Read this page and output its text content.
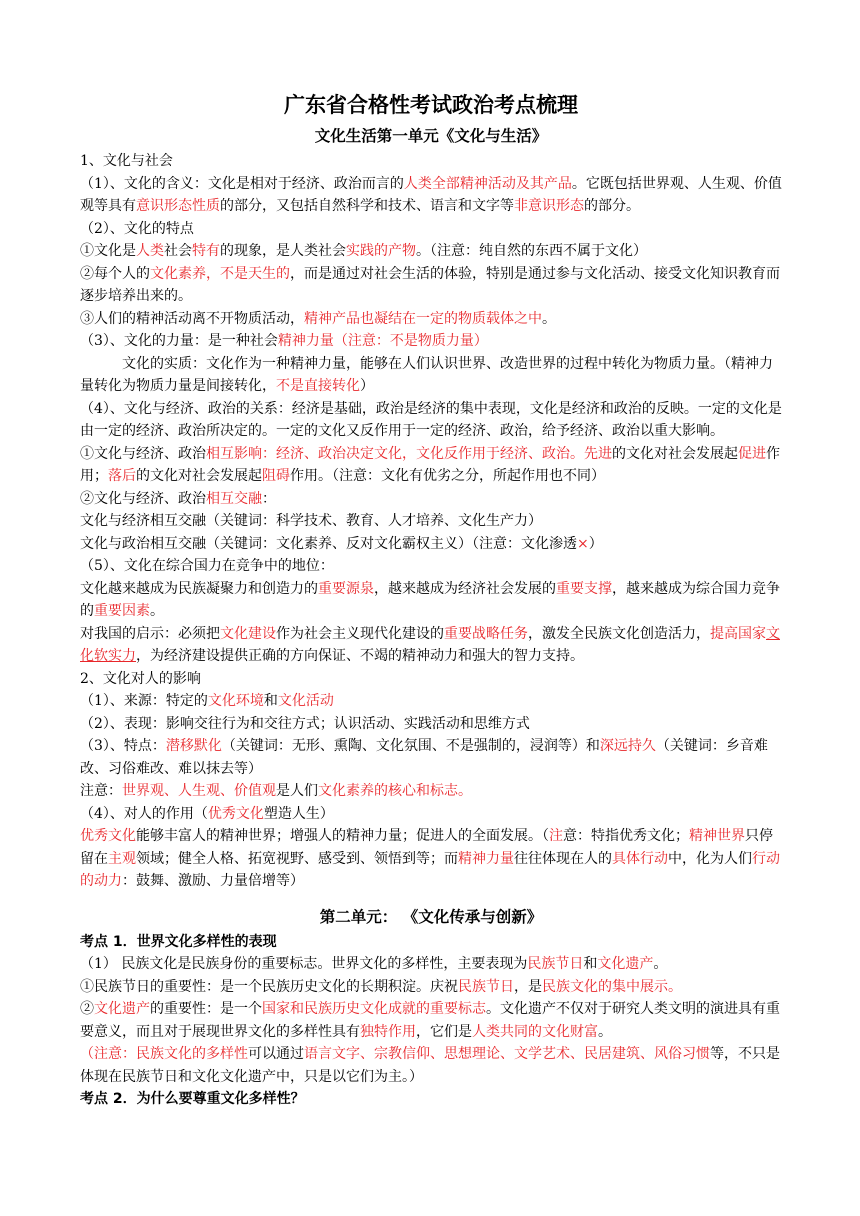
广东省合格性考试政治考点梳理
文化生活第一单元《文化与生活》

1、文化与社会

（1）、文化的含义：文化是相对于经济、政治而言的人类全部精神活动及其产品。它既包括世界观、人生观、价值观等具有意识形态性质的部分，又包括自然科学和技术、语言和文字等非意识形态的部分。

（2）、文化的特点

①文化是人类社会特有的现象，是人类社会实践的产物。（注意：纯自然的东西不属于文化）

②每个人的文化素养，不是天生的，而是通过对社会生活的体验，特别是通过参与文化活动、接受文化知识教育而逐步培养出来的。

③人们的精神活动离不开物质活动，精神产品也凝结在一定的物质载体之中。

（3）、文化的力量：是一种社会精神力量（注意：不是物质力量）

文化的实质：文化作为一种精神力量，能够在人们认识世界、改造世界的过程中转化为物质力量。（精神力量转化为物质力量是间接转化，不是直接转化）

（4）、文化与经济、政治的关系：经济是基础，政治是经济的集中表现，文化是经济和政治的反映。一定的文化是由一定的经济、政治所决定的。一定的文化又反作用于一定的经济、政治，给予经济、政治以重大影响。

①文化与经济、政治相互影响：经济、政治决定文化，文化反作用于经济、政治。先进的文化对社会发展起促进作用；落后的文化对社会发展起阻碍作用。（注意：文化有优劣之分，所起作用也不同）

②文化与经济、政治相互交融：

文化与经济相互交融（关键词：科学技术、教育、人才培养、文化生产力）

文化与政治相互交融（关键词：文化素养、反对文化霸权主义）（注意：文化渗透×）

（5）、文化在综合国力在竞争中的地位：

文化越来越成为民族凝聚力和创造力的重要源泉，越来越成为经济社会发展的重要支撑，越来越成为综合国力竞争的重要因素。

对我国的启示：必须把文化建设作为社会主义现代化建设的重要战略任务，激发全民族文化创造活力，提高国家文化软实力，为经济建设提供正确的方向保证、不竭的精神动力和强大的智力支持。

2、文化对人的影响

（1）、来源：特定的文化环境和文化活动

（2）、表现：影响交往行为和交往方式；认识活动、实践活动和思维方式

（3）、特点：潜移默化（关键词：无形、熏陶、文化氛围、不是强制的，浸润等）和深远持久（关键词：乡音难改、习俗难改、难以抹去等）

注意：世界观、人生观、价值观是人们文化素养的核心和标志。

（4）、对人的作用（优秀文化塑造人生）

优秀文化能够丰富人的精神世界；增强人的精神力量；促进人的全面发展。（注意：特指优秀文化；精神世界只停留在主观领域；健全人格、拓宽视野、感受到、领悟到等；而精神力量往往体现在人的具体行动中，化为人们行动的动力：鼓舞、激励、力量倍增等）

第二单元： 《文化传承与创新》

考点 1．世界文化多样性的表现

（1） 民族文化是民族身份的重要标志。世界文化的多样性，主要表现为民族节日和文化遗产。

①民族节日的重要性：是一个民族历史文化的长期积淀。庆祝民族节日，是民族文化的集中展示。

②文化遗产的重要性：是一个国家和民族历史文化成就的重要标志。文化遗产不仅对于研究人类文明的演进具有重要意义，而且对于展现世界文化的多样性具有独特作用，它们是人类共同的文化财富。

（注意：民族文化的多样性可以通过语言文字、宗教信仰、思想理论、文学艺术、民居建筑、风俗习惯等，不只是体现在民族节日和文化文化遗产中，只是以它们为主。）

考点 2．为什么要尊重文化多样性？
